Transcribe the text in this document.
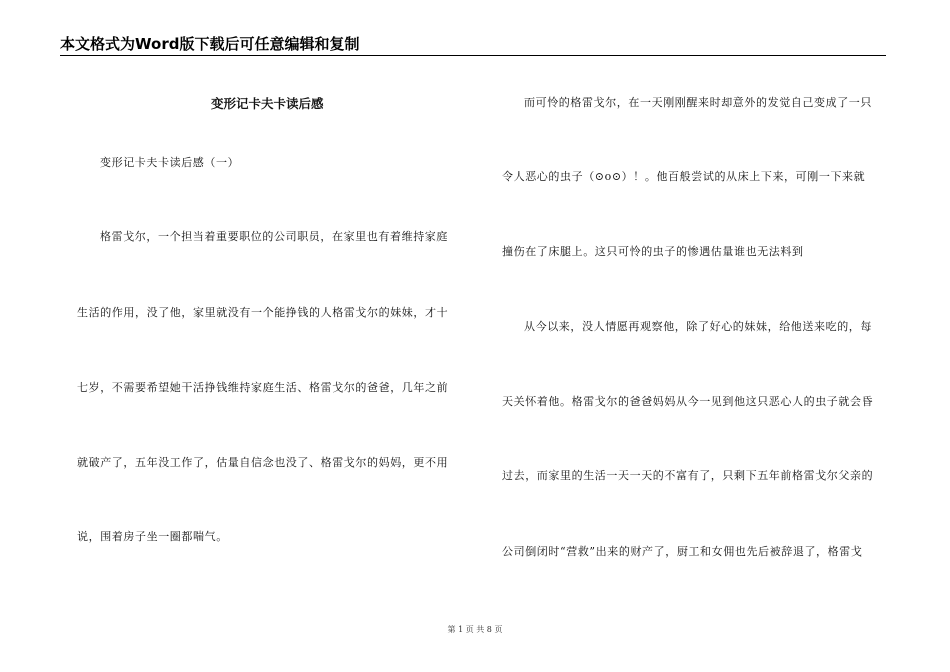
本文格式为Word版下载后可任意编辑和复制
变形记卡夫卡读后感
变形记卡夫卡读后感（一）
格雷戈尔，一个担当着重要职位的公司职员，在家里也有着维持家庭
生活的作用，没了他，家里就没有一个能挣钱的人格雷戈尔的妹妹，才十
七岁，不需要希望她干活挣钱维持家庭生活、格雷戈尔的爸爸，几年之前
就破产了，五年没工作了，估量自信念也没了、格雷戈尔的妈妈，更不用
说，围着房子坐一圈都喘气。
而可怜的格雷戈尔，在一天刚刚醒来时却意外的发觉自己变成了一只
令人恶心的虫子（⊙o⊙）！。他百般尝试的从床上下来，可刚一下来就
撞伤在了床腿上。这只可怜的虫子的惨遇估量谁也无法料到
从今以来，没人情愿再观察他，除了好心的妹妹，给他送来吃的，每
天关怀着他。格雷戈尔的爸爸妈妈从今一见到他这只恶心人的虫子就会昏
过去，而家里的生活一天一天的不富有了，只剩下五年前格雷戈尔父亲的
公司倒闭时“营救”出来的财产了，厨工和女佣也先后被辞退了，格雷戈
第 1 页 共 8 页
